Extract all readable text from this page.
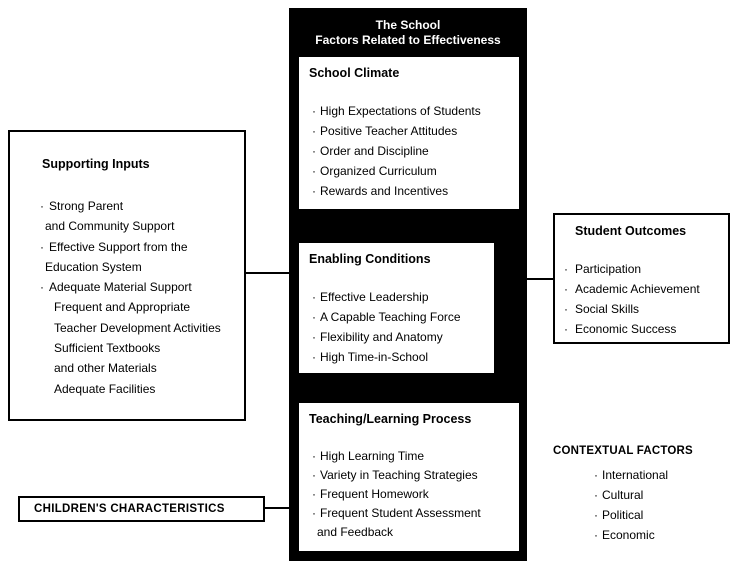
Supporting Inputs
· Strong Parent
and Community Support
· Effective Support from the
Education System
· Adequate Material Support
Frequent and Appropriate
Teacher Development Activities
Sufficient Textbooks
and other Materials
Adequate Facilities
CHILDREN'S CHARACTERISTICS
The School
Factors Related to Effectiveness
School Climate
· High Expectations of Students
· Positive Teacher Attitudes
· Order and Discipline
· Organized Curriculum
· Rewards and Incentives
Enabling Conditions
· Effective Leadership
· A Capable Teaching Force
· Flexibility and Anatomy
· High Time-in-School
Teaching/Learning Process
· High Learning Time
· Variety in Teaching Strategies
· Frequent Homework
· Frequent Student Assessment
and Feedback
Student Outcomes
· Participation
· Academic Achievement
· Social Skills
· Economic Success
CONTEXTUAL FACTORS
· International
· Cultural
· Political
· Economic
